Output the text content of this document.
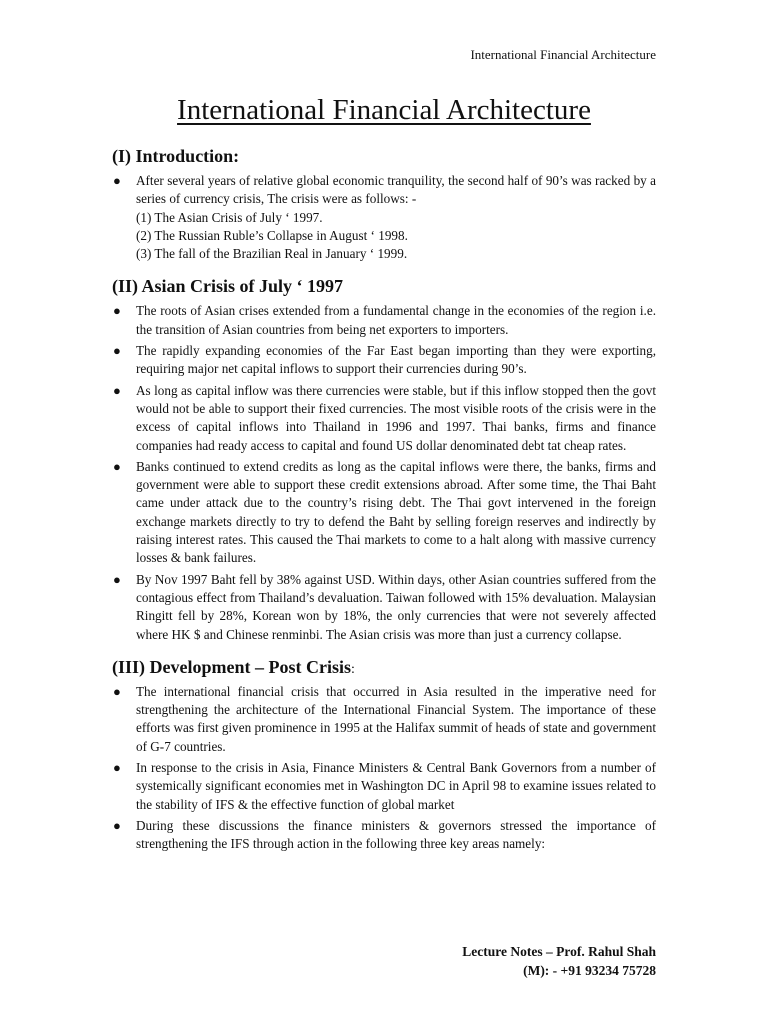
International Financial Architecture
International Financial Architecture
(I) Introduction:
● After several years of relative global economic tranquility, the second half of 90’s was racked by a series of currency crisis, The crisis were as follows: -
(1) The Asian Crisis of July ‘ 1997.
(2) The Russian Ruble’s Collapse in August ‘ 1998.
(3) The fall of the Brazilian Real in January ‘ 1999.
(II) Asian Crisis of July ‘ 1997
● The roots of Asian crises extended from a fundamental change in the economies of the region i.e. the transition of Asian countries from being net exporters to importers.
● The rapidly expanding economies of the Far East began importing than they were exporting, requiring major net capital inflows to support their currencies during 90’s.
● As long as capital inflow was there currencies were stable, but if this inflow stopped then the govt would not be able to support their fixed currencies. The most visible roots of the crisis were in the excess of capital inflows into Thailand in 1996 and 1997. Thai banks, firms and finance companies had ready access to capital and found US dollar denominated debt tat cheap rates.
● Banks continued to extend credits as long as the capital inflows were there, the banks, firms and government were able to support these credit extensions abroad. After some time, the Thai Baht came under attack due to the country’s rising debt. The Thai govt intervened in the foreign exchange markets directly to try to defend the Baht by selling foreign reserves and indirectly by raising interest rates. This caused the Thai markets to come to a halt along with massive currency losses & bank failures.
● By Nov 1997 Baht fell by 38% against USD. Within days, other Asian countries suffered from the contagious effect from Thailand’s devaluation. Taiwan followed with 15% devaluation. Malaysian Ringitt fell by 28%, Korean won by 18%, the only currencies that were not severely affected where HK $ and Chinese renminbi. The Asian crisis was more than just a currency collapse.
(III) Development – Post Crisis:
● The international financial crisis that occurred in Asia resulted in the imperative need for strengthening the architecture of the International Financial System. The importance of these efforts was first given prominence in 1995 at the Halifax summit of heads of state and government of G-7 countries.
● In response to the crisis in Asia, Finance Ministers & Central Bank Governors from a number of systemically significant economies met in Washington DC in April 98 to examine issues related to the stability of IFS & the effective function of global market
● During these discussions the finance ministers & governors stressed the importance of strengthening the IFS through action in the following three key areas namely:
Lecture Notes – Prof. Rahul Shah
(M): - +91 93234 75728
